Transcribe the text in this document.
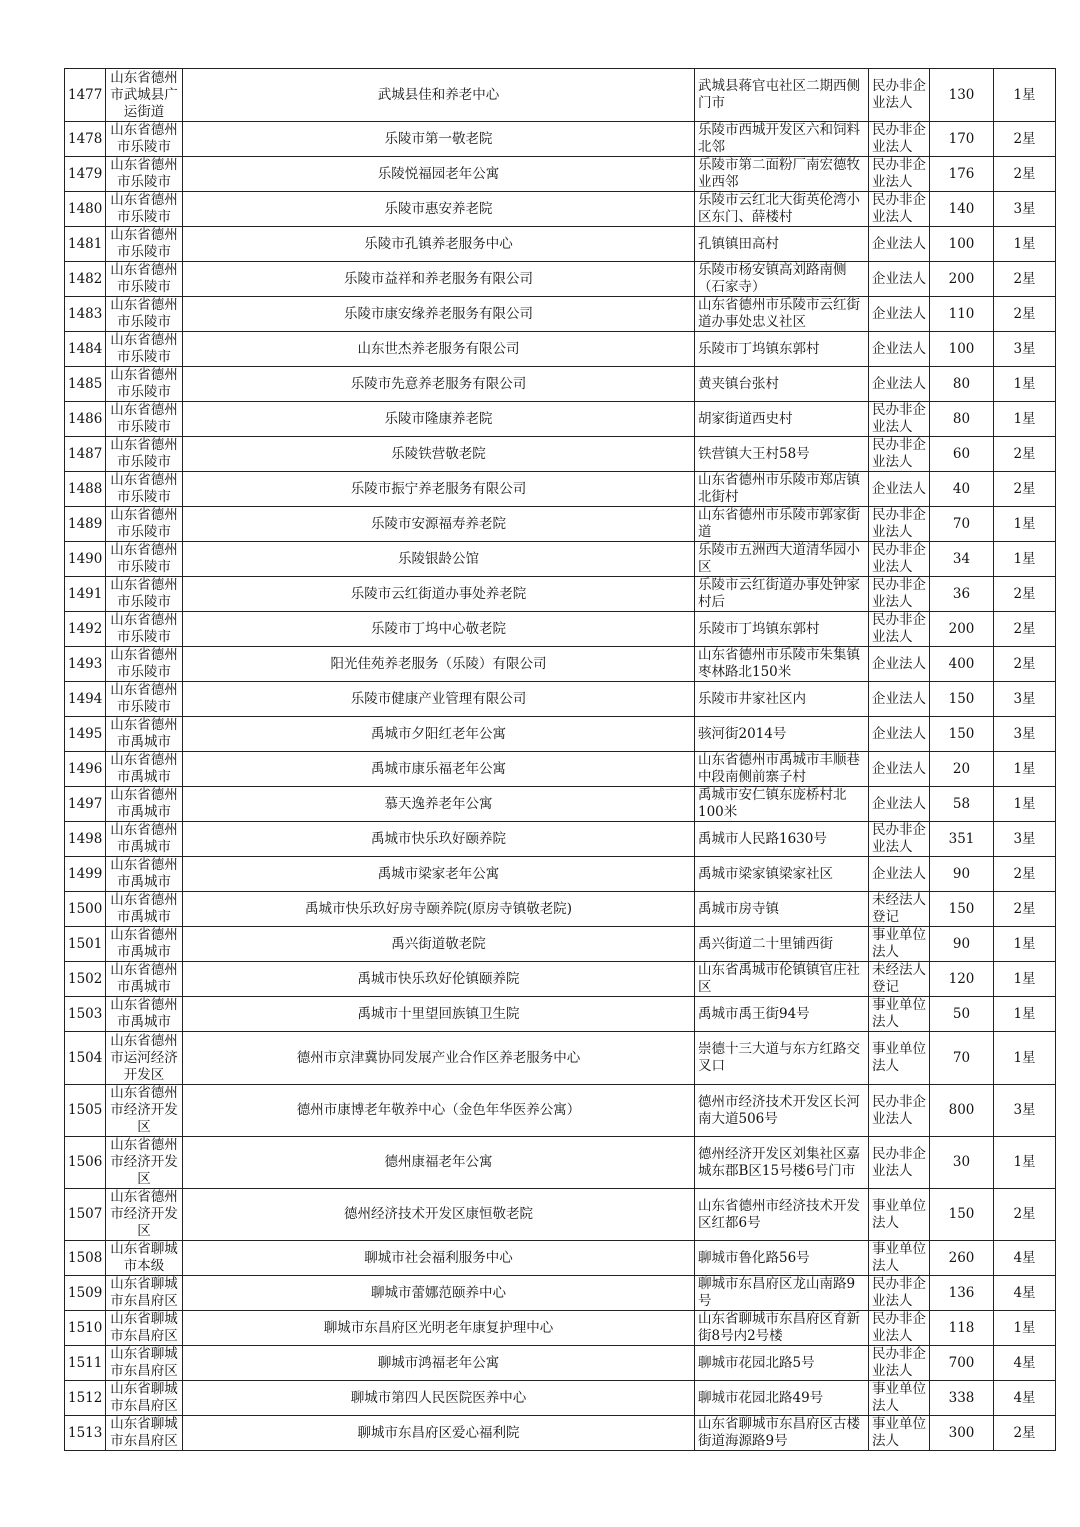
1477	山东省德州市武城县广运街道	武城县佳和养老中心	武城县蒋官屯社区二期西侧门市	民办非企业法人	130	1星
1478	山东省德州市乐陵市	乐陵市第一敬老院	乐陵市西城开发区六和饲料北邻	民办非企业法人	170	2星
1479	山东省德州市乐陵市	乐陵悦福园老年公寓	乐陵市第二面粉厂南宏德牧业西邻	民办非企业法人	176	2星
1480	山东省德州市乐陵市	乐陵市惠安养老院	乐陵市云红北大街英伦湾小区东门、薛楼村	民办非企业法人	140	3星
1481	山东省德州市乐陵市	乐陵市孔镇养老服务中心	孔镇镇田高村	企业法人	100	1星
1482	山东省德州市乐陵市	乐陵市益祥和养老服务有限公司	乐陵市杨安镇高刘路南侧（石家寺）	企业法人	200	2星
1483	山东省德州市乐陵市	乐陵市康安缘养老服务有限公司	山东省德州市乐陵市云红街道办事处忠义社区	企业法人	110	2星
1484	山东省德州市乐陵市	山东世杰养老服务有限公司	乐陵市丁坞镇东郭村	企业法人	100	3星
1485	山东省德州市乐陵市	乐陵市先意养老服务有限公司	黄夹镇台张村	企业法人	80	1星
1486	山东省德州市乐陵市	乐陵市隆康养老院	胡家街道西史村	民办非企业法人	80	1星
1487	山东省德州市乐陵市	乐陵铁营敬老院	铁营镇大王村58号	民办非企业法人	60	2星
1488	山东省德州市乐陵市	乐陵市振宁养老服务有限公司	山东省德州市乐陵市郑店镇北街村	企业法人	40	2星
1489	山东省德州市乐陵市	乐陵市安源福寿养老院	山东省德州市乐陵市郭家街道	民办非企业法人	70	1星
1490	山东省德州市乐陵市	乐陵银龄公馆	乐陵市五洲西大道清华园小区	民办非企业法人	34	1星
1491	山东省德州市乐陵市	乐陵市云红街道办事处养老院	乐陵市云红街道办事处钟家村后	民办非企业法人	36	2星
1492	山东省德州市乐陵市	乐陵市丁坞中心敬老院	乐陵市丁坞镇东郭村	民办非企业法人	200	2星
1493	山东省德州市乐陵市	阳光佳苑养老服务（乐陵）有限公司	山东省德州市乐陵市朱集镇枣林路北150米	企业法人	400	2星
1494	山东省德州市乐陵市	乐陵市健康产业管理有限公司	乐陵市井家社区内	企业法人	150	3星
1495	山东省德州市禹城市	禹城市夕阳红老年公寓	骇河街2014号	企业法人	150	3星
1496	山东省德州市禹城市	禹城市康乐福老年公寓	山东省德州市禹城市丰顺巷中段南侧前寨子村	企业法人	20	1星
1497	山东省德州市禹城市	慕天逸养老年公寓	禹城市安仁镇东庞桥村北100米	企业法人	58	1星
1498	山东省德州市禹城市	禹城市快乐玖好颐养院	禹城市人民路1630号	民办非企业法人	351	3星
1499	山东省德州市禹城市	禹城市梁家老年公寓	禹城市梁家镇梁家社区	企业法人	90	2星
1500	山东省德州市禹城市	禹城市快乐玖好房寺颐养院(原房寺镇敬老院)	禹城市房寺镇	未经法人登记	150	2星
1501	山东省德州市禹城市	禹兴街道敬老院	禹兴街道二十里铺西街	事业单位法人	90	1星
1502	山东省德州市禹城市	禹城市快乐玖好伦镇颐养院	山东省禹城市伦镇镇官庄社区	未经法人登记	120	1星
1503	山东省德州市禹城市	禹城市十里望回族镇卫生院	禹城市禹王街94号	事业单位法人	50	1星
1504	山东省德州市运河经济开发区	德州市京津冀协同发展产业合作区养老服务中心	崇德十三大道与东方红路交叉口	事业单位法人	70	1星
1505	山东省德州市经济开发区	德州市康博老年敬养中心（金色年华医养公寓）	德州市经济技术开发区长河南大道506号	民办非企业法人	800	3星
1506	山东省德州市经济开发区	德州康福老年公寓	德州经济开发区刘集社区嘉城东郡B区15号楼6号门市	民办非企业法人	30	1星
1507	山东省德州市经济开发区	德州经济技术开发区康恒敬老院	山东省德州市经济技术开发区红都6号	事业单位法人	150	2星
1508	山东省聊城市本级	聊城市社会福利服务中心	聊城市鲁化路56号	事业单位法人	260	4星
1509	山东省聊城市东昌府区	聊城市蕾娜范颐养中心	聊城市东昌府区龙山南路9号	民办非企业法人	136	4星
1510	山东省聊城市东昌府区	聊城市东昌府区光明老年康复护理中心	山东省聊城市东昌府区育新街8号内2号楼	民办非企业法人	118	1星
1511	山东省聊城市东昌府区	聊城市鸿福老年公寓	聊城市花园北路5号	民办非企业法人	700	4星
1512	山东省聊城市东昌府区	聊城市第四人民医院医养中心	聊城市花园北路49号	事业单位法人	338	4星
1513	山东省聊城市东昌府区	聊城市东昌府区爱心福利院	山东省聊城市东昌府区古楼街道海源路9号	事业单位法人	300	2星
